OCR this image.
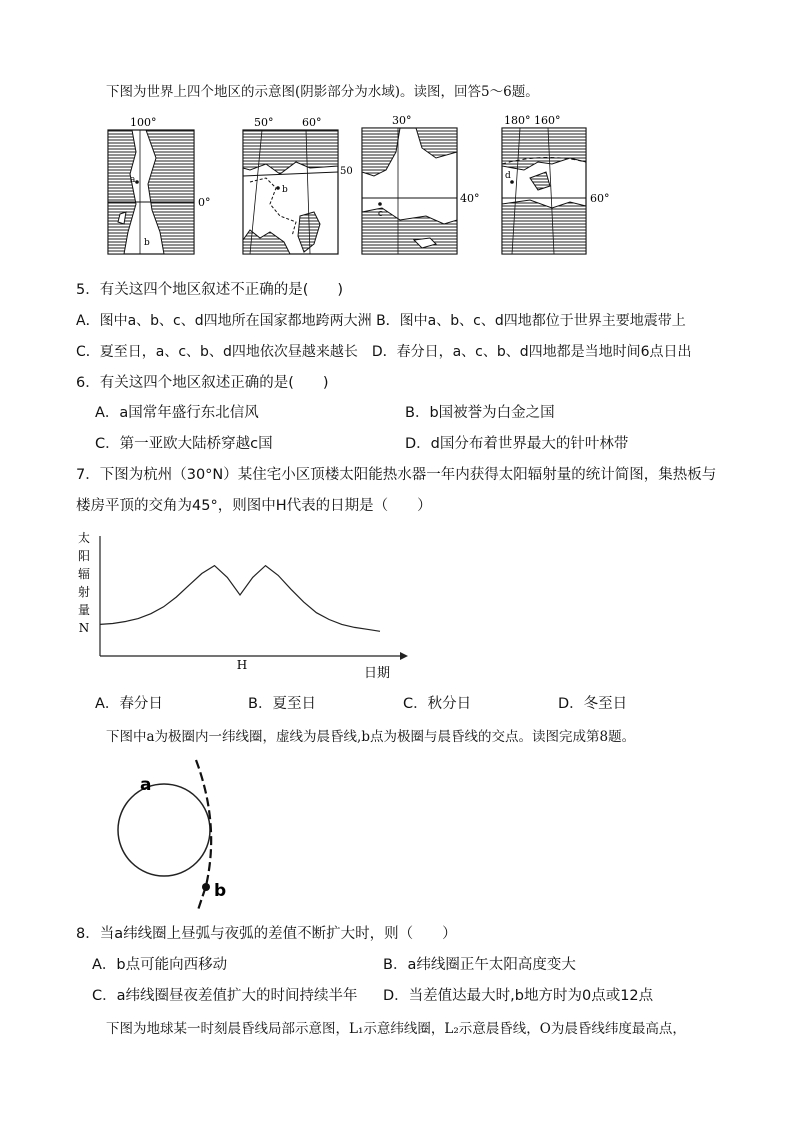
下图为世界上四个地区的示意图(阴影部分为水域)。读图，回答5～6题。
100°
0°
a
b
50°	60°
50
b
30°
40°
c
180° 160°
60°
d
5．有关这四个地区叙述不正确的是(　　)
A．图中a、b、c、d四地所在国家都地跨两大洲 B．图中a、b、c、d四地都位于世界主要地震带上
C．夏至日，a、c、b、d四地依次昼越来越长　D．春分日，a、c、b、d四地都是当地时间6点日出
6．有关这四个地区叙述正确的是(　　)
A．a国常年盛行东北信风	B．b国被誉为白金之国
C．第一亚欧大陆桥穿越c国	D．d国分布着世界最大的针叶林带
7．下图为杭州（30°N）某住宅小区顶楼太阳能热水器一年内获得太阳辐射量的统计简图，集热板与
楼房平顶的交角为45°，则图中H代表的日期是（　　）
太
阳
辐
射
量
N
H
日期
A．春分日	B．夏至日	C．秋分日	D．冬至日
下图中a为极圈内一纬线圈，虚线为晨昏线,b点为极圈与晨昏线的交点。读图完成第8题。
a
b
8．当a纬线圈上昼弧与夜弧的差值不断扩大时，则（　　）
A．b点可能向西移动	B．a纬线圈正午太阳高度变大
C．a纬线圈昼夜差值扩大的时间持续半年 D．当差值达最大时,b地方时为0点或12点
下图为地球某一时刻晨昏线局部示意图，L₁示意纬线圈，L₂示意晨昏线，O为晨昏线纬度最高点，
